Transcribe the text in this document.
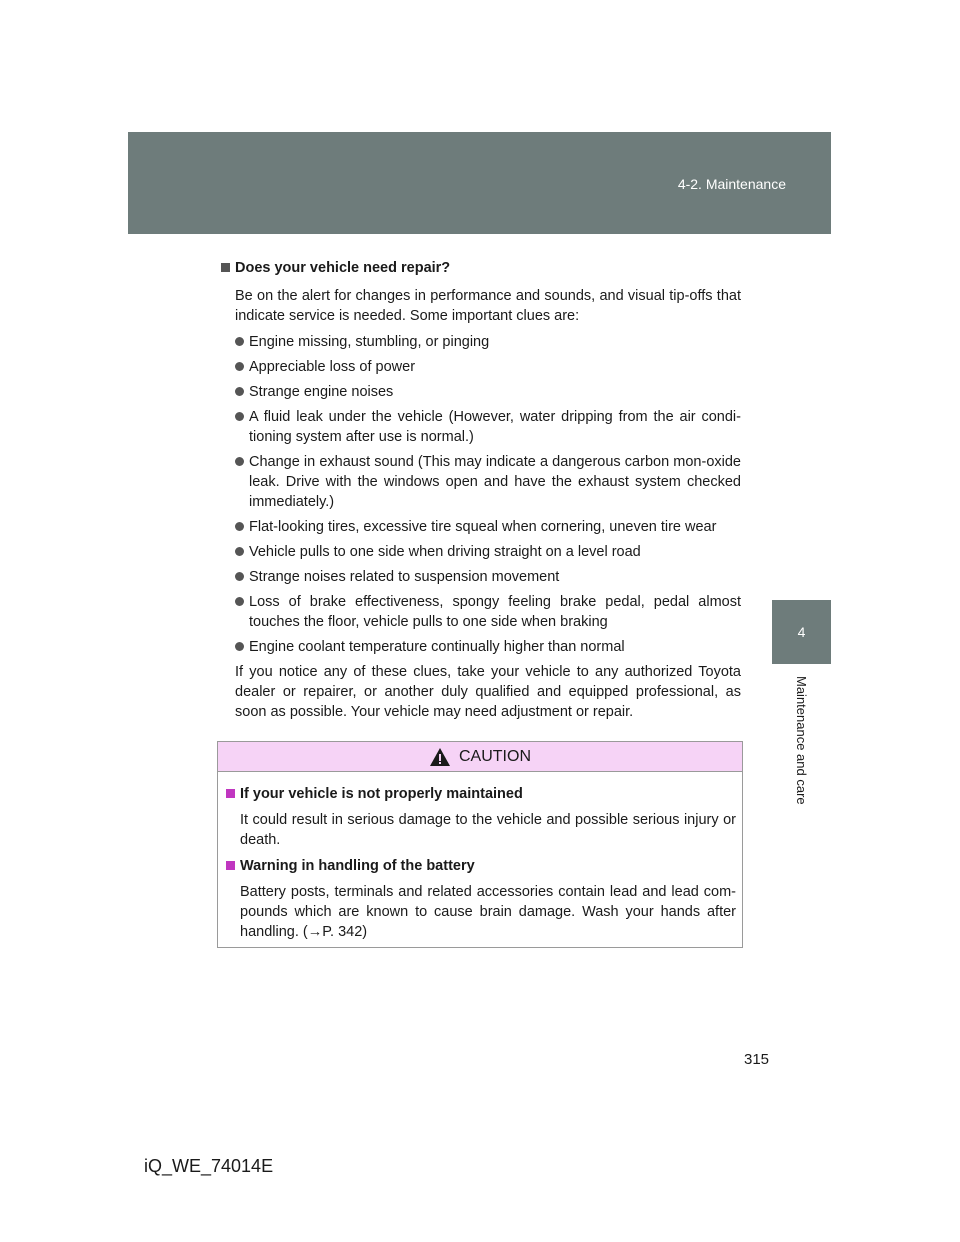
4-2. Maintenance
4
Maintenance and care
Does your vehicle need repair?

Be on the alert for changes in performance and sounds, and visual tip-offs that indicate service is needed. Some important clues are:

Engine missing, stumbling, or pinging
Appreciable loss of power
Strange engine noises
A fluid leak under the vehicle (However, water dripping from the air condi-tioning system after use is normal.)
Change in exhaust sound (This may indicate a dangerous carbon mon-oxide leak. Drive with the windows open and have the exhaust system checked immediately.)
Flat-looking tires, excessive tire squeal when cornering, uneven tire wear
Vehicle pulls to one side when driving straight on a level road
Strange noises related to suspension movement
Loss of brake effectiveness, spongy feeling brake pedal, pedal almost touches the floor, vehicle pulls to one side when braking
Engine coolant temperature continually higher than normal

If you notice any of these clues, take your vehicle to any authorized Toyota dealer or repairer, or another duly qualified and equipped professional, as soon as possible. Your vehicle may need adjustment or repair.

CAUTION
If your vehicle is not properly maintained

It could result in serious damage to the vehicle and possible serious injury or death.

Warning in handling of the battery

Battery posts, terminals and related accessories contain lead and lead com-pounds which are known to cause brain damage. Wash your hands after handling. (→P. 342)

315
iQ_WE_74014E
